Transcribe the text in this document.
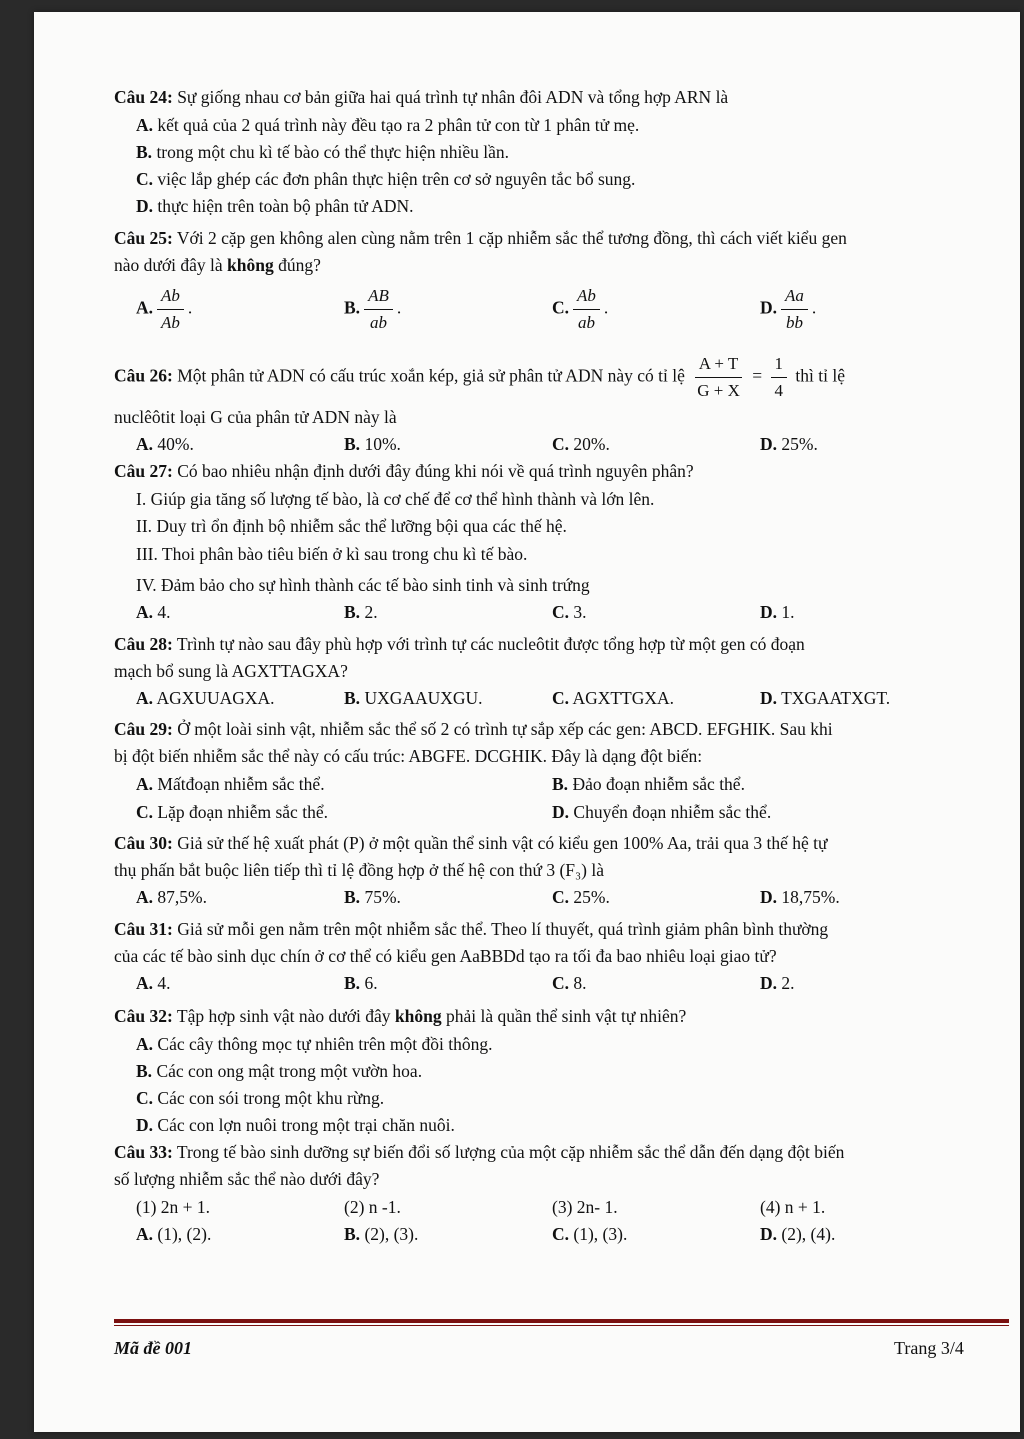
Câu 24: Sự giống nhau cơ bản giữa hai quá trình tự nhân đôi ADN và tổng hợp ARN là
A. kết quả của 2 quá trình này đều tạo ra 2 phân tử con từ 1 phân tử mẹ.
B. trong một chu kì tế bào có thể thực hiện nhiều lần.
C. việc lắp ghép các đơn phân thực hiện trên cơ sở nguyên tắc bổ sung.
D. thực hiện trên toàn bộ phân tử ADN.
Câu 25: Với 2 cặp gen không alen cùng nằm trên 1 cặp nhiễm sắc thể tương đồng, thì cách viết kiểu gen
nào dưới đây là không đúng?
A. $\frac{Ab}{Ab}$ .	B. $\frac{AB}{ab}$ .	C. $\frac{Ab}{ab}$ .	D. $\frac{Aa}{bb}$ .
Câu 26: Một phân tử ADN có cấu trúc xoắn kép, giả sử phân tử ADN này có tỉ lệ $\frac{A + T}{G + X} = \frac{1}{4}$ thì tỉ lệ
nuclêôtit loại G của phân tử ADN này là
A. 40%.	B. 10%.	C. 20%.	D. 25%.
Câu 27: Có bao nhiêu nhận định dưới đây đúng khi nói về quá trình nguyên phân?
I. Giúp gia tăng số lượng tế bào, là cơ chế để cơ thể hình thành và lớn lên.
II. Duy trì ổn định bộ nhiễm sắc thể lưỡng bội qua các thế hệ.
III. Thoi phân bào tiêu biến ở kì sau trong chu kì tế bào.
IV. Đảm bảo cho sự hình thành các tế bào sinh tinh và sinh trứng
A. 4.	B. 2.	C. 3.	D. 1.
Câu 28: Trình tự nào sau đây phù hợp với trình tự các nucleôtit được tổng hợp từ một gen có đoạn
mạch bổ sung là AGXTTAGXA?
A. AGXUUAGXA.	B. UXGAAUXGU.	C. AGXTTGXA.	D. TXGAATXGT.
Câu 29: Ở một loài sinh vật, nhiễm sắc thể số 2 có trình tự sắp xếp các gen: ABCD. EFGHIK. Sau khi
bị đột biến nhiễm sắc thể này có cấu trúc: ABGFE. DCGHIK. Đây là dạng đột biến:
A. Mấtđoạn nhiễm sắc thể.	B. Đảo đoạn nhiễm sắc thể.
C. Lặp đoạn nhiễm sắc thể.	D. Chuyển đoạn nhiễm sắc thể.
Câu 30: Giả sử thế hệ xuất phát (P) ở một quần thể sinh vật có kiểu gen 100% Aa, trải qua 3 thế hệ tự
thụ phấn bắt buộc liên tiếp thì tỉ lệ đồng hợp ở thế hệ con thứ 3 (F₃) là
A. 87,5%.	B. 75%.	C. 25%.	D. 18,75%.
Câu 31: Giả sử mỗi gen nằm trên một nhiễm sắc thể. Theo lí thuyết, quá trình giảm phân bình thường
của các tế bào sinh dục chín ở cơ thể có kiểu gen AaBBDd tạo ra tối đa bao nhiêu loại giao tử?
A. 4.	B. 6.	C. 8.	D. 2.
Câu 32: Tập hợp sinh vật nào dưới đây không phải là quần thể sinh vật tự nhiên?
A. Các cây thông mọc tự nhiên trên một đồi thông.
B. Các con ong mật trong một vườn hoa.
C. Các con sói trong một khu rừng.
D. Các con lợn nuôi trong một trại chăn nuôi.
Câu 33: Trong tế bào sinh dưỡng sự biến đổi số lượng của một cặp nhiễm sắc thể dẫn đến dạng đột biến
số lượng nhiễm sắc thể nào dưới đây?
(1) 2n + 1.	(2) n -1.	(3) 2n- 1.	(4) n + 1.
A. (1), (2).	B. (2), (3).	C. (1), (3).	D. (2), (4).
Mã đề 001	Trang 3/4
